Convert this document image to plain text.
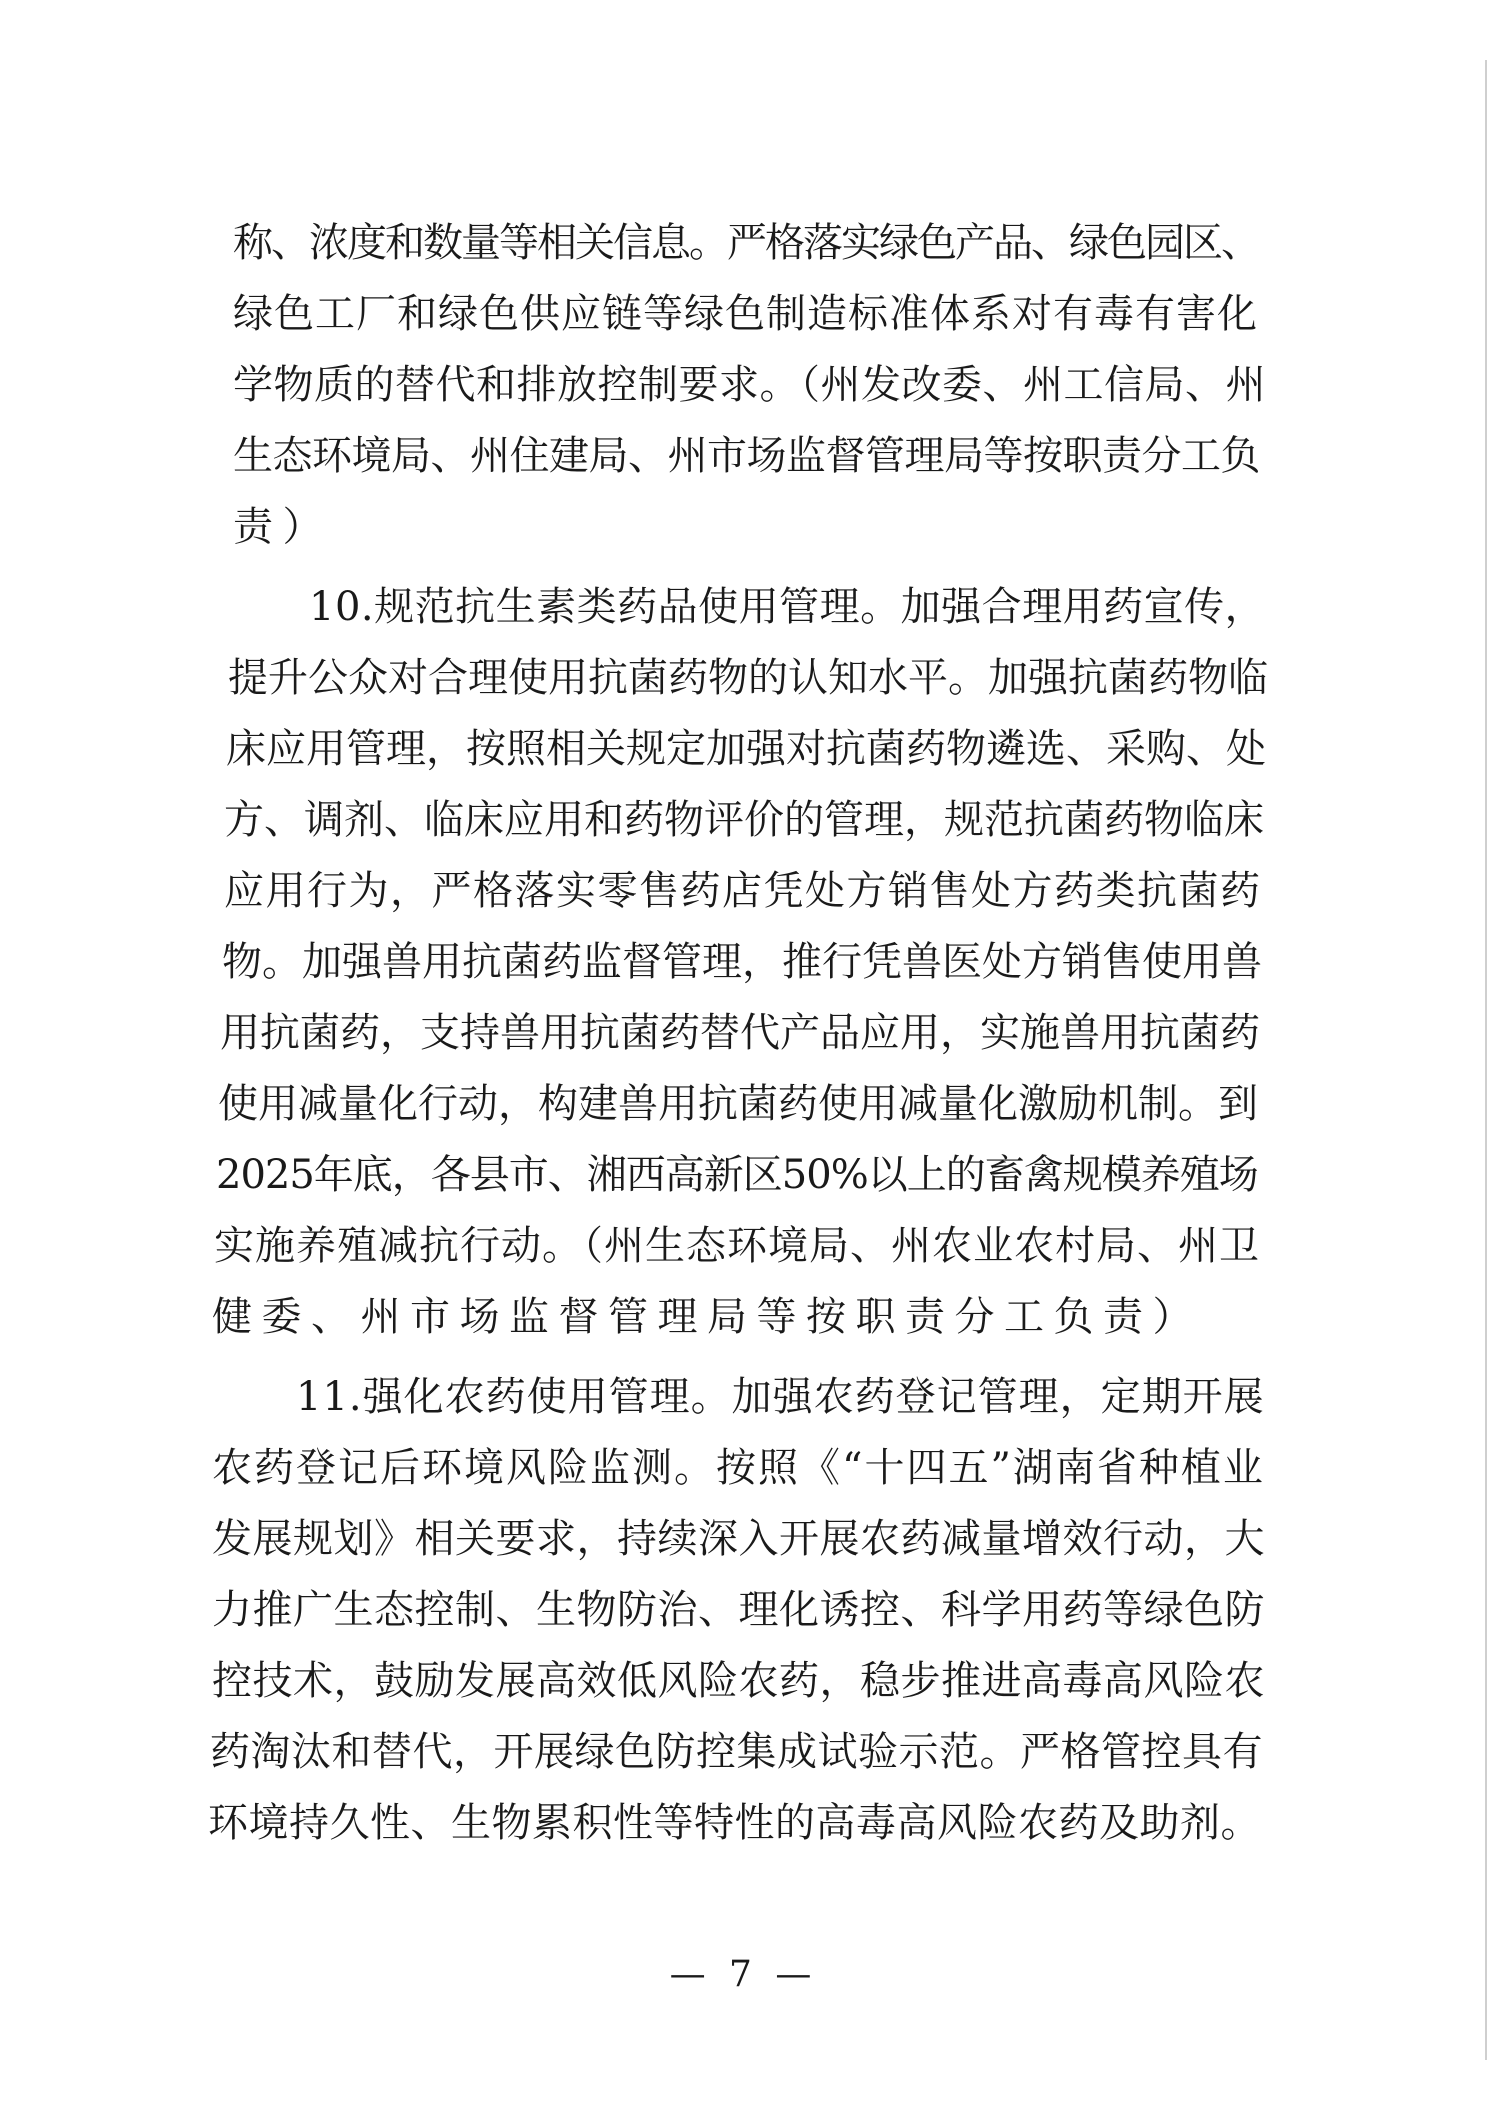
称、浓度和数量等相关信息。严格落实绿色产品、绿色园区、
绿色工厂和绿色供应链等绿色制造标准体系对有毒有害化
学物质的替代和排放控制要求。（州发改委、州工信局、州
生态环境局、州住建局、州市场监督管理局等按职责分工负
责）
10.规范抗生素类药品使用管理。加强合理用药宣传，
提升公众对合理使用抗菌药物的认知水平。加强抗菌药物临
床应用管理，按照相关规定加强对抗菌药物遴选、采购、处
方、调剂、临床应用和药物评价的管理，规范抗菌药物临床
应用行为，严格落实零售药店凭处方销售处方药类抗菌药
物。加强兽用抗菌药监督管理，推行凭兽医处方销售使用兽
用抗菌药，支持兽用抗菌药替代产品应用，实施兽用抗菌药
使用减量化行动，构建兽用抗菌药使用减量化激励机制。到
2025年底，各县市、湘西高新区50%以上的畜禽规模养殖场
实施养殖减抗行动。（州生态环境局、州农业农村局、州卫
健委、州市场监督管理局等按职责分工负责）
11.强化农药使用管理。加强农药登记管理，定期开展
农药登记后环境风险监测。按照《“十四五”湖南省种植业
发展规划》相关要求，持续深入开展农药减量增效行动，大
力推广生态控制、生物防治、理化诱控、科学用药等绿色防
控技术，鼓励发展高效低风险农药，稳步推进高毒高风险农
药淘汰和替代，开展绿色防控集成试验示范。严格管控具有
环境持久性、生物累积性等特性的高毒高风险农药及助剂。
— 7 —
